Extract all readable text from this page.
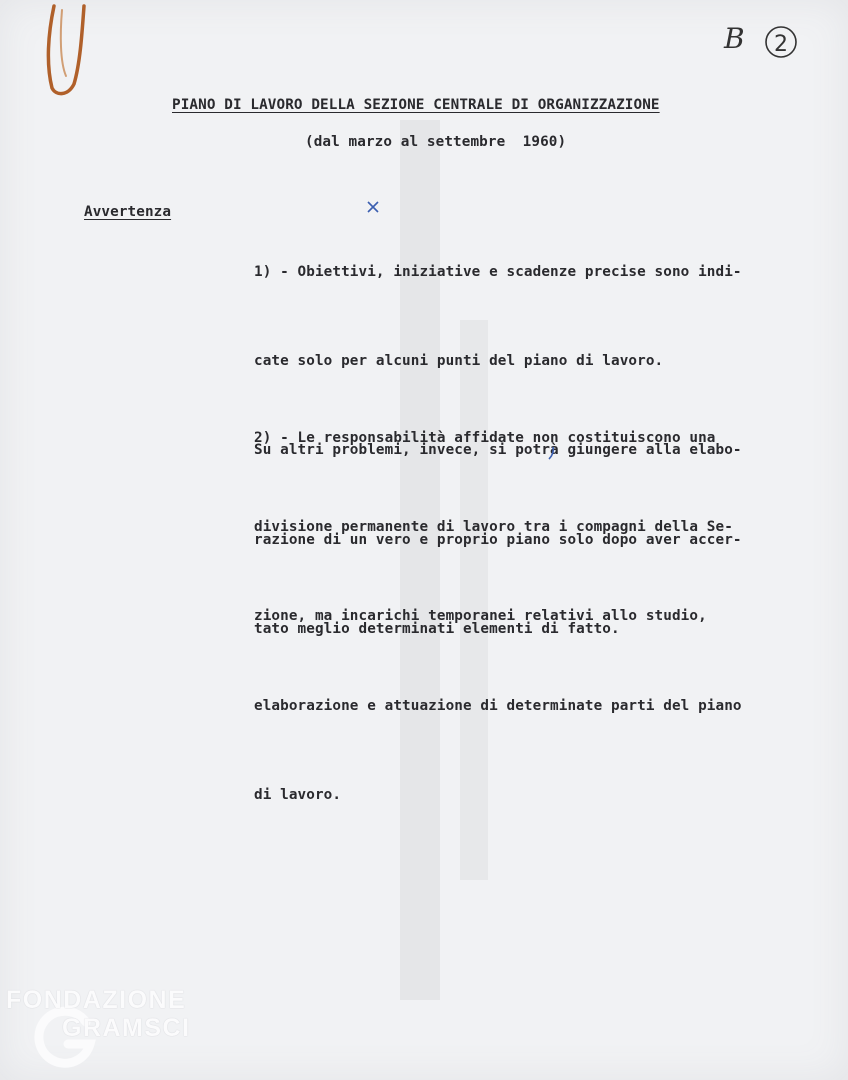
B 2
PIANO DI LAVORO DELLA SEZIONE CENTRALE DI ORGANIZZAZIONE
(dal marzo al settembre  1960)
Avvertenza

1) - Obiettivi, iniziative e scadenze precise sono indi-

cate solo per alcuni punti del piano di lavoro.

Su altri problemi, invece, si potrà giungere alla elabo-

razione di un vero e proprio piano solo dopo aver accer-

tato meglio determinati elementi di fatto.

2) - Le responsabilità affidate non costituiscono una

divisione permanente di lavoro tra i compagni della Se-

zione, ma incarichi temporanei relativi allo studio,

elaborazione e attuazione di determinate parti del piano

di lavoro.

FONDAZIONE
GRAMSCI
